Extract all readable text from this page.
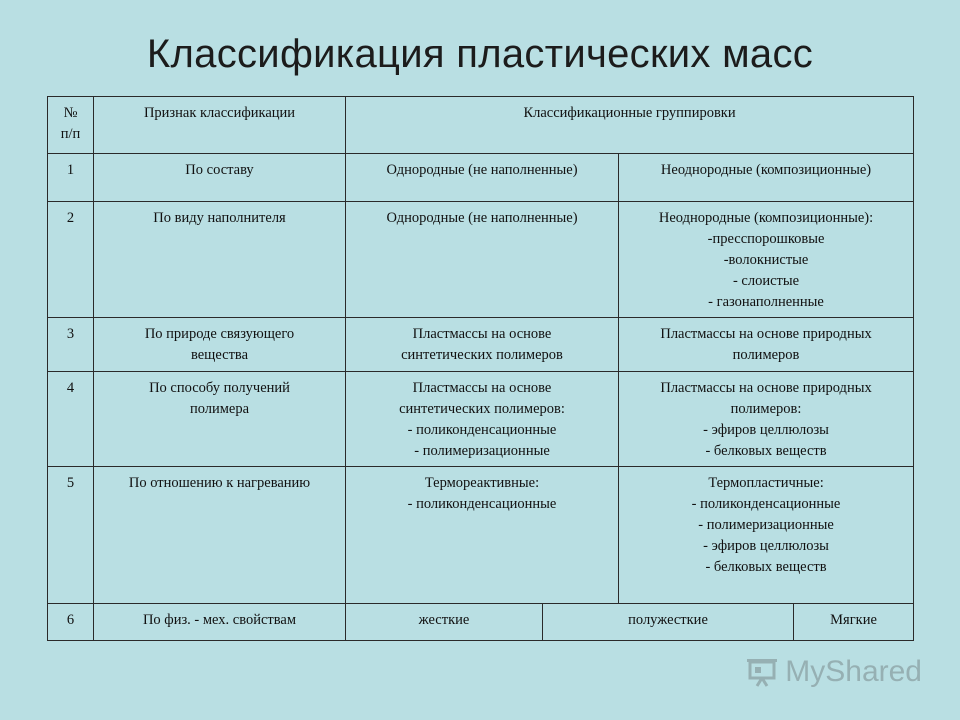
Классификация пластических масс
№
п/п	Признак классификации	Классификационные группировки			
1	По составу	Однородные (не наполненные)		Неоднородные (композиционные)	

2	По виду наполнителя	Однородные (не наполненные)		Неоднородные (композиционные):
-пресспорошковые
-волокнистые
- слоистые
- газонаполненные	

3	По природе связующего
вещества	Пластмассы на основе
синтетических полимеров		Пластмассы на основе природных
полимеров	

4	По способу получений
полимера	Пластмассы на основе
синтетических полимеров:
- поликонденсационные
- полимеризационные		Пластмассы на основе природных
полимеров:
- эфиров целлюлозы
- белковых веществ	

5	По отношению к нагреванию	Термореактивные:
- поликонденсационные		Термопластичные:
- поликонденсационные
- полимеризационные
- эфиров целлюлозы
- белковых веществ	

6	По физ. - мех. свойствам	жесткие	полужесткие		Мягкие
MyShared
